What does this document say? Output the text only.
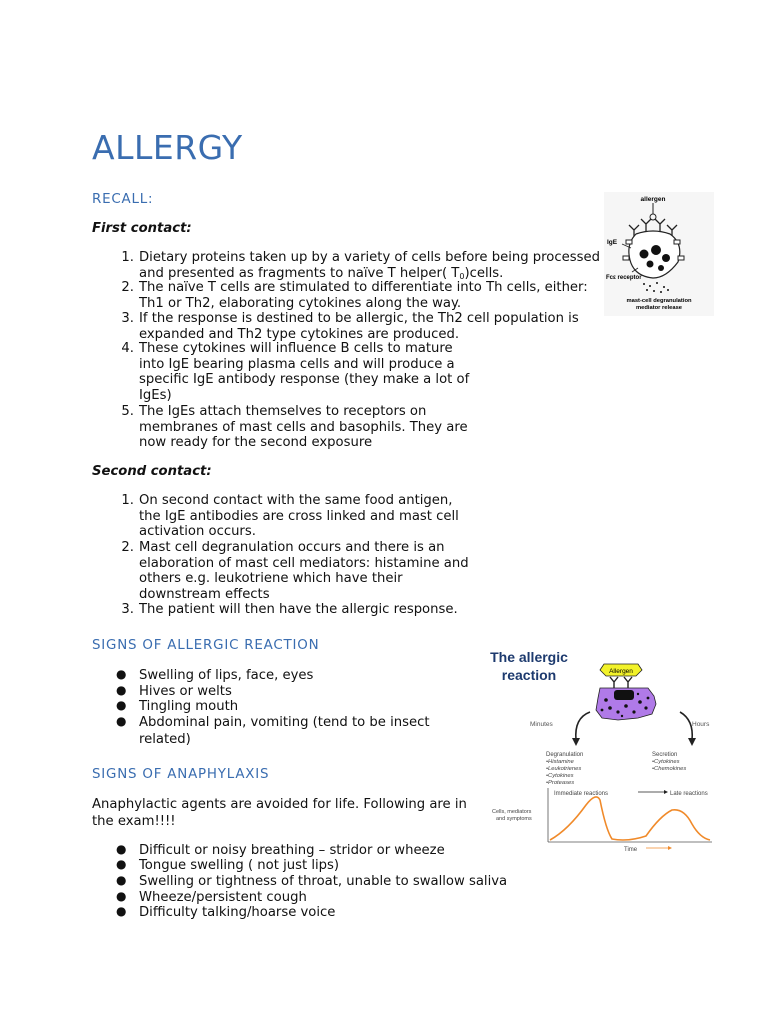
ALLERGY
RECALL:
First contact:
1. Dietary proteins taken up by a variety of cells before being processed
and presented as fragments to naïve T helper( T0)cells.
2. The naïve T cells are stimulated to differentiate into Th cells, either:
Th1 or Th2, elaborating cytokines along the way.
3. If the response is destined to be allergic, the Th2 cell population is
expanded and Th2 type cytokines are produced.
4. These cytokines will influence B cells to mature
into IgE bearing plasma cells and will produce a
specific IgE antibody response (they make a lot of
IgEs)
5. The IgEs attach themselves to receptors on
membranes of mast cells and basophils. They are
now ready for the second exposure
Second contact:
1. On second contact with the same food antigen,
the IgE antibodies are cross linked and mast cell
activation occurs.
2. Mast cell degranulation occurs and there is an
elaboration of mast cell mediators: histamine and
others e.g. leukotriene which have their
downstream effects
3. The patient will then have the allergic response.
SIGNS OF ALLERGIC REACTION
● Swelling of lips, face, eyes
● Hives or welts
● Tingling mouth
● Abdominal pain, vomiting (tend to be insect
related)
SIGNS OF ANAPHYLAXIS
Anaphylactic agents are avoided for life. Following are in
the exam!!!!
● Difficult or noisy breathing – stridor or wheeze
● Tongue swelling ( not just lips)
● Swelling or tightness of throat, unable to swallow saliva
● Wheeze/persistent cough
● Difficulty talking/hoarse voice
allergen
IgE
Fcε receptor
mast-cell degranulation
mediator release
The allergic
reaction	Allergen
Minutes	Hours
Degranulation
•Histamine
•Leukotrienes
•Cytokines
•Proteases
Secretion
•Cytokines
•Chemokines
Immediate reactions	Late reactions
Cells, mediators
and symptoms
Time
